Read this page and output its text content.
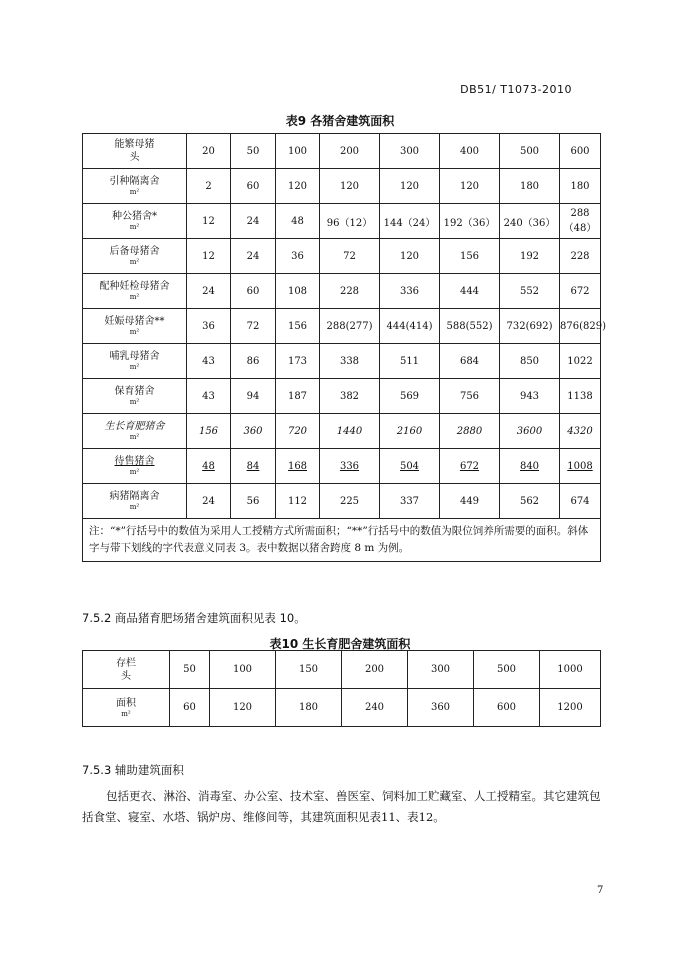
DB51/ T1073-2010
表9 各猪舍建筑面积
能繁母猪
头	20	50	100	200	300	400	500	600

引种隔离舍
m²	2	60	120	120	120	120	180	180

种公猪舍*
m²	12	24	48	96（12）	144（24）	192（36）	240（36）	288（48）

后备母猪舍
m²	12	24	36	72	120	156	192	228

配种妊检母猪舍
m²	24	60	108	228	336	444	552	672

妊娠母猪舍**
m²	36	72	156	288(277)	444(414)	588(552)	732(692)	876(829)

哺乳母猪舍
m²	43	86	173	338	511	684	850	1022

保育猪舍
m²	43	94	187	382	569	756	943	1138

生长育肥猪舍
m²	156	360	720	1440	2160	2880	3600	4320

待售猪舍
m²	48	84	168	336	504	672	840	1008

病猪隔离舍
m²	24	56	112	225	337	449	562	674
注：“*”行括号中的数值为采用人工授精方式所需面积；“**”行括号中的数值为限位饲养所需要的面积。斜体字与带下划线的字代表意义同表 3。表中数据以猪舍跨度 8 m 为例。								
7.5.2 商品猪育肥场猪舍建筑面积见表 10。
表10 生长育肥舍建筑面积
存栏
头	50	100	150	200	300	500	1000

面积
m²	60	120	180	240	360	600	1200
7.5.3 辅助建筑面积
包括更衣、淋浴、消毒室、办公室、技术室、兽医室、饲料加工贮藏室、人工授精室。其它建筑包括食堂、寝室、水塔、锅炉房、维修间等，其建筑面积见表11、表12。
7
